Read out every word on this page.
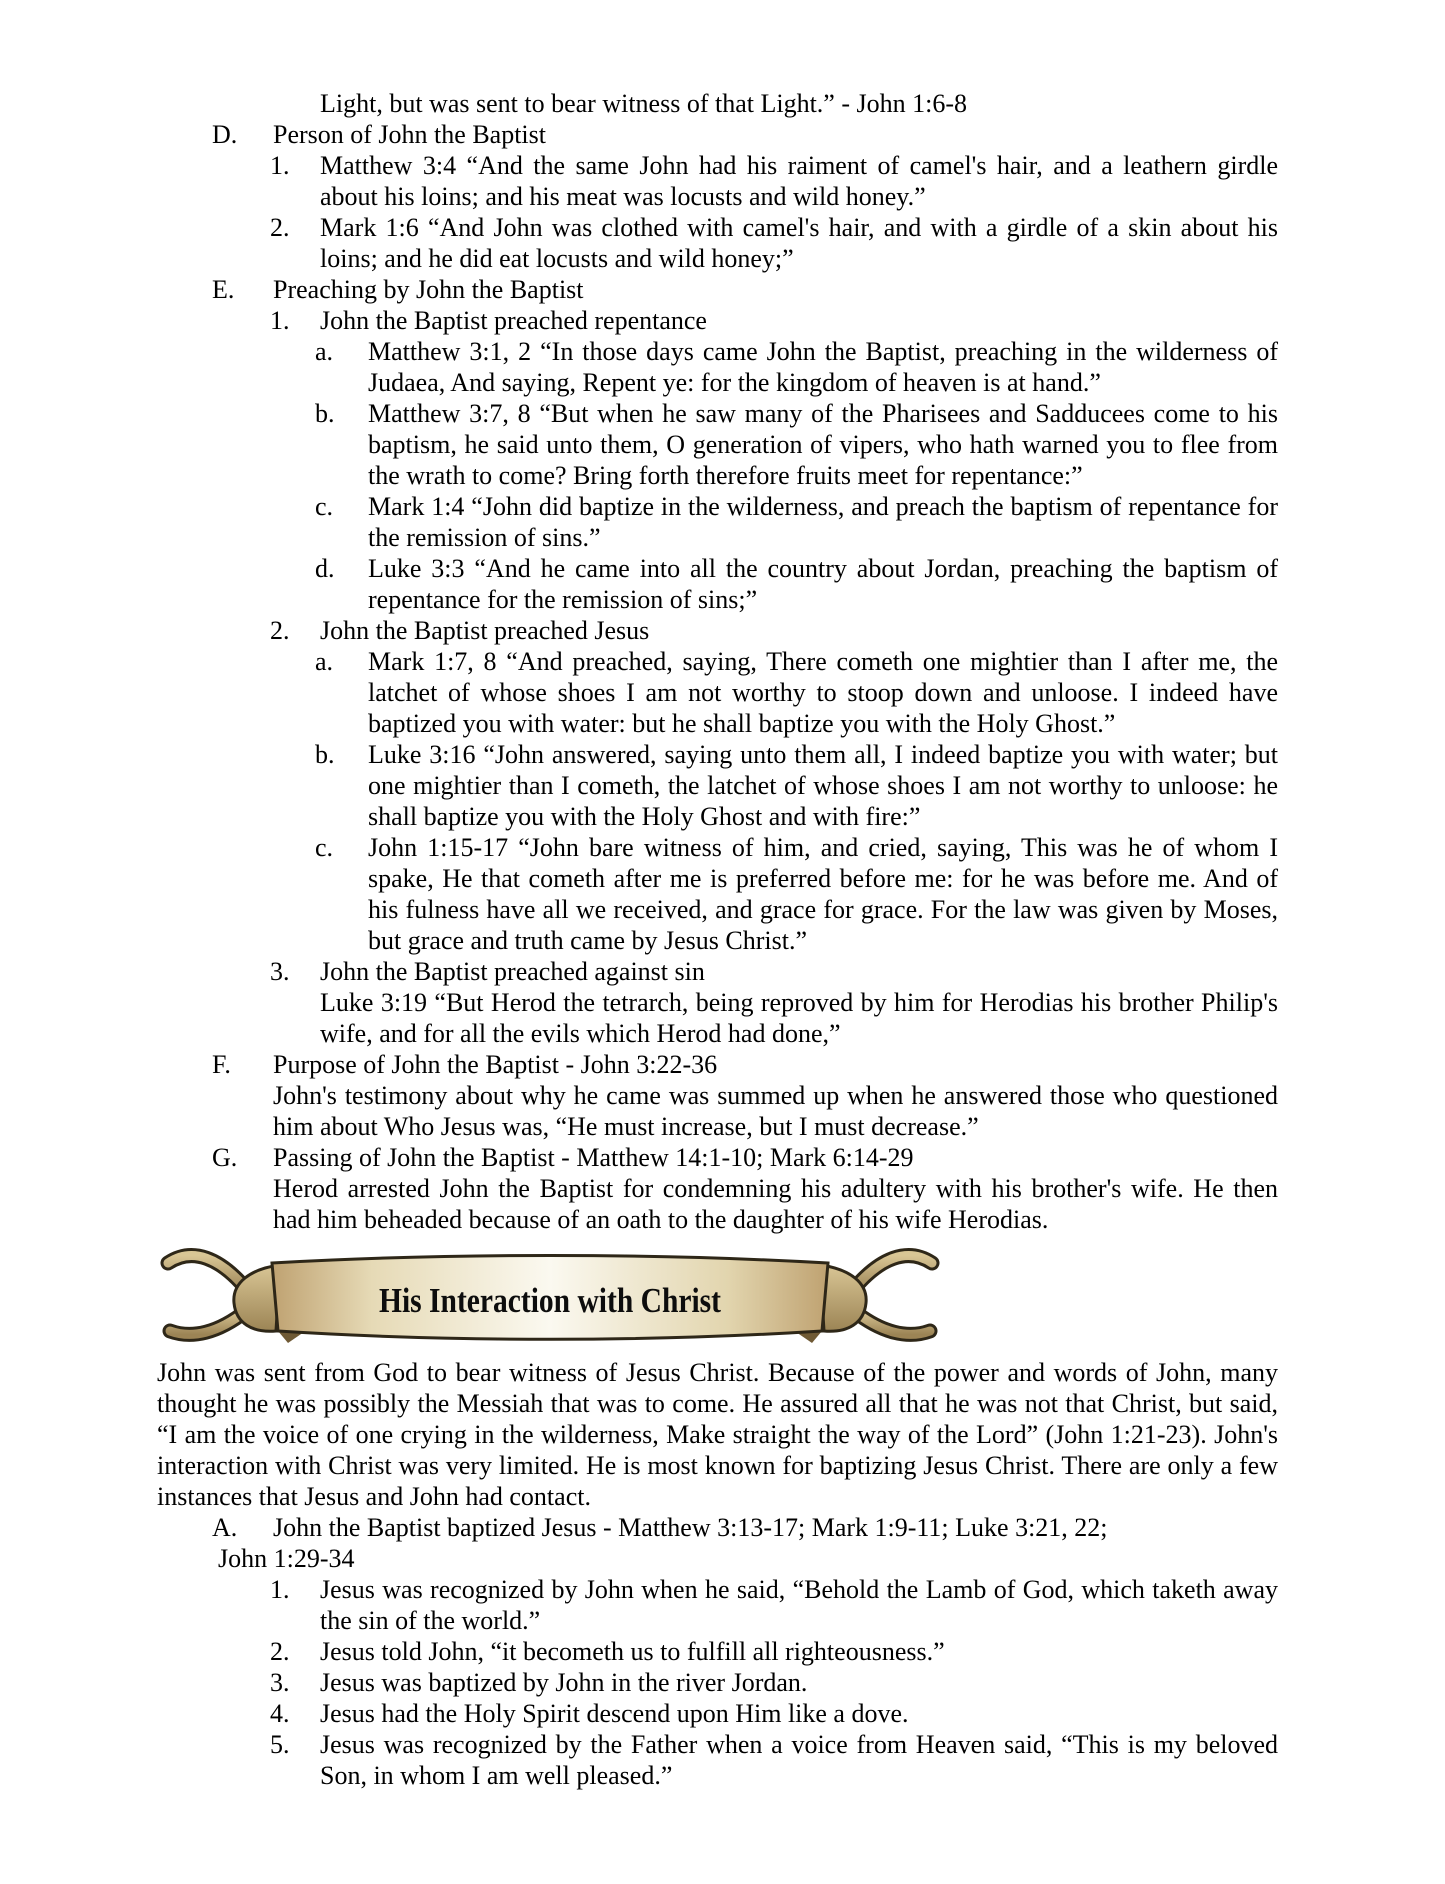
Light, but was sent to bear witness of that Light.” - John 1:6-8
D. Person of John the Baptist
1. Matthew 3:4 “And the same John had his raiment of camel's hair, and a leathern girdle about his loins; and his meat was locusts and wild honey.”
2. Mark 1:6 “And John was clothed with camel's hair, and with a girdle of a skin about his loins; and he did eat locusts and wild honey;”
E. Preaching by John the Baptist
1. John the Baptist preached repentance
a. Matthew 3:1, 2 “In those days came John the Baptist, preaching in the wilderness of Judaea, And saying, Repent ye: for the kingdom of heaven is at hand.”
b. Matthew 3:7, 8 “But when he saw many of the Pharisees and Sadducees come to his baptism, he said unto them, O generation of vipers, who hath warned you to flee from the wrath to come? Bring forth therefore fruits meet for repentance:”
c. Mark 1:4 “John did baptize in the wilderness, and preach the baptism of repentance for the remission of sins.”
d. Luke 3:3 “And he came into all the country about Jordan, preaching the baptism of repentance for the remission of sins;”
2. John the Baptist preached Jesus
a. Mark 1:7, 8 “And preached, saying, There cometh one mightier than I after me, the latchet of whose shoes I am not worthy to stoop down and unloose. I indeed have baptized you with water: but he shall baptize you with the Holy Ghost.”
b. Luke 3:16 “John answered, saying unto them all, I indeed baptize you with water; but one mightier than I cometh, the latchet of whose shoes I am not worthy to unloose: he shall baptize you with the Holy Ghost and with fire:”
c. John 1:15-17 “John bare witness of him, and cried, saying, This was he of whom I spake, He that cometh after me is preferred before me: for he was before me. And of his fulness have all we received, and grace for grace. For the law was given by Moses, but grace and truth came by Jesus Christ.”
3. John the Baptist preached against sin
Luke 3:19 “But Herod the tetrarch, being reproved by him for Herodias his brother Philip's wife, and for all the evils which Herod had done,”
F. Purpose of John the Baptist - John 3:22-36
John's testimony about why he came was summed up when he answered those who questioned him about Who Jesus was, “He must increase, but I must decrease.”
G. Passing of John the Baptist - Matthew 14:1-10; Mark 6:14-29
Herod arrested John the Baptist for condemning his adultery with his brother's wife. He then had him beheaded because of an oath to the daughter of his wife Herodias.
His Interaction with Christ

John was sent from God to bear witness of Jesus Christ. Because of the power and words of John, many thought he was possibly the Messiah that was to come. He assured all that he was not that Christ, but said, “I am the voice of one crying in the wilderness, Make straight the way of the Lord” (John 1:21-23). John's interaction with Christ was very limited. He is most known for baptizing Jesus Christ. There are only a few instances that Jesus and John had contact.

A. John the Baptist baptized Jesus - Matthew 3:13-17; Mark 1:9-11; Luke 3:21, 22;
John 1:29-34
1. Jesus was recognized by John when he said, “Behold the Lamb of God, which taketh away the sin of the world.”
2. Jesus told John, “it becometh us to fulfill all righteousness.”
3. Jesus was baptized by John in the river Jordan.
4. Jesus had the Holy Spirit descend upon Him like a dove.
5. Jesus was recognized by the Father when a voice from Heaven said, “This is my beloved Son, in whom I am well pleased.”
